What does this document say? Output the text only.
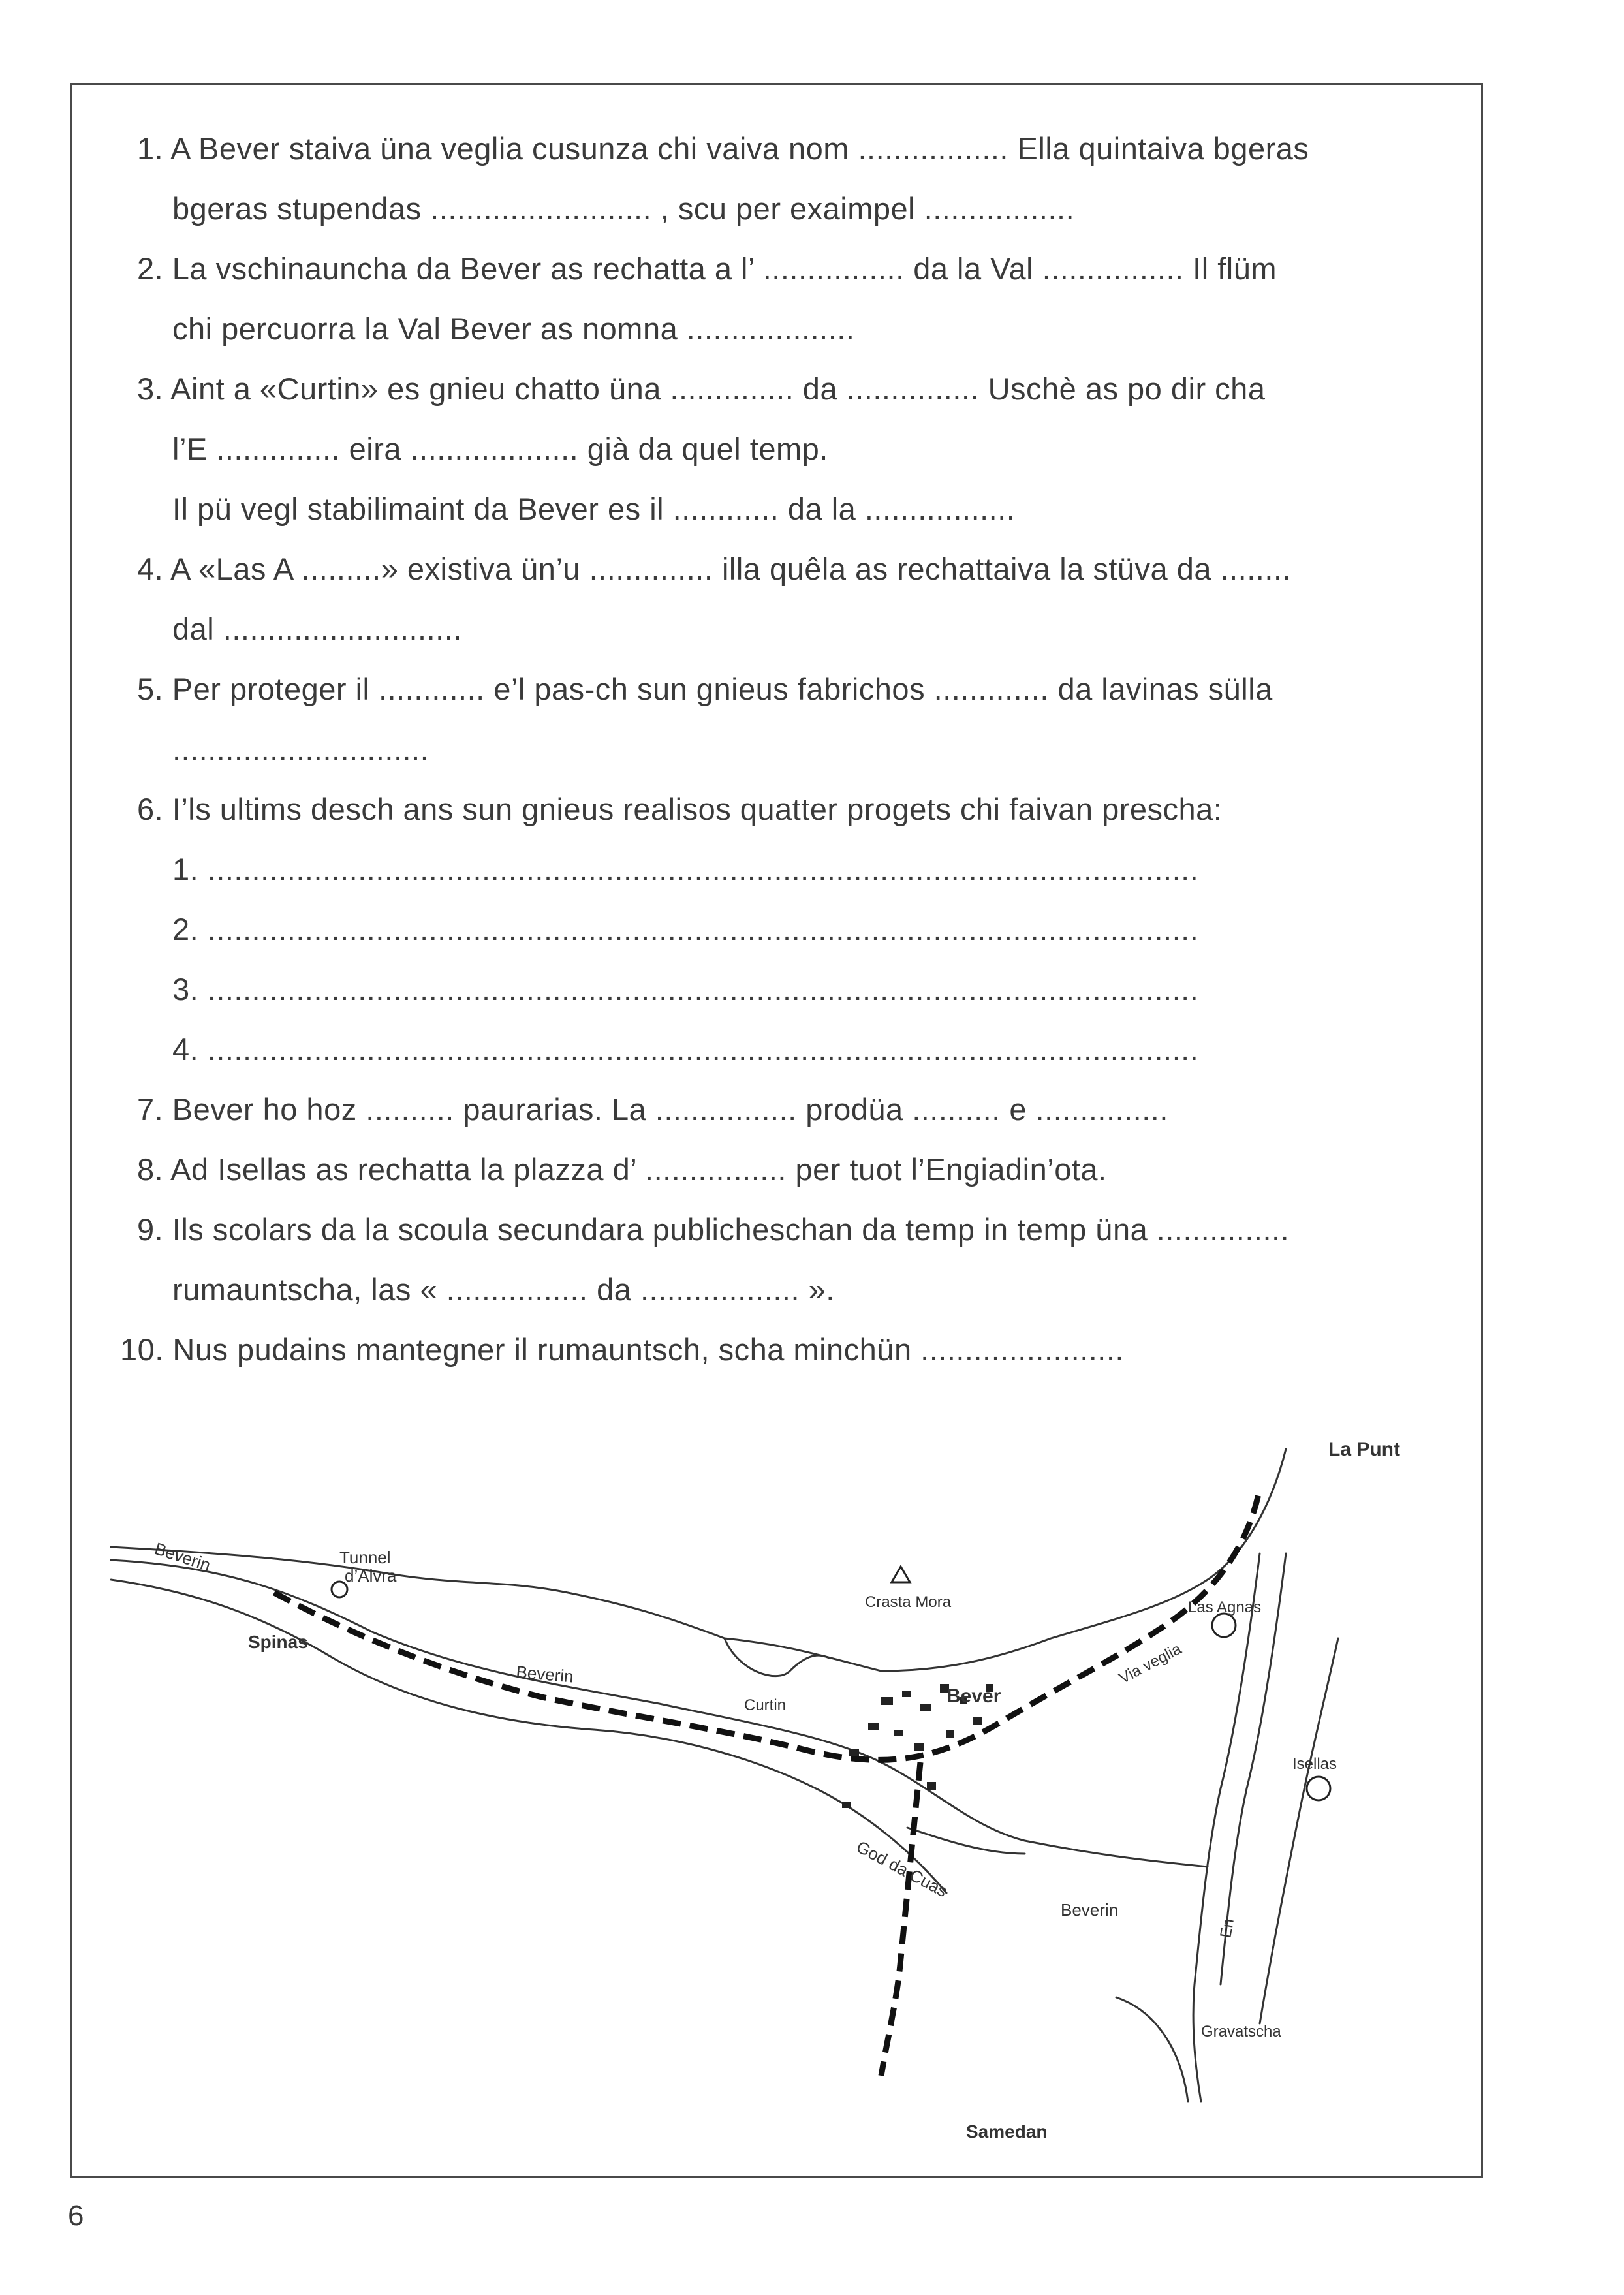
1. A Bever staiva üna veglia cusunza chi vaiva nom ................. Ella quintaiva bgeras
bgeras stupendas ......................... , scu per exaimpel .................
2. La vschinauncha da Bever as rechatta a l’ ................ da la Val ................ Il flüm
chi percuorra la Val Bever as nomna ...................
3. Aint a «Curtin» es gnieu chatto üna .............. da ............... Uschè as po dir cha
l’E .............. eira ................... già da quel temp.
Il pü vegl stabilimaint da Bever es il ............ da la .................
4. A «Las A .........» existiva ün’u .............. illa quêla as rechattaiva la stüva da ........
dal ...........................
5. Per proteger il ............ e’l pas-ch sun gnieus fabrichos ............. da lavinas sülla
.............................
6. I’ls ultims desch ans sun gnieus realisos quatter progets chi faivan prescha:
1. ................................................................................................................
2. ................................................................................................................
3. ................................................................................................................
4. ................................................................................................................
7. Bever ho hoz .......... paurarias. La ................ prodüa .......... e ...............
8. Ad Isellas as rechatta la plazza d’ ................ per tuot l’Engiadin’ota.
9. Ils scolars da la scoula secundara publicheschan da temp in temp üna ...............
rumauntscha, las « ................ da .................. ».
10. Nus pudains mantegner il rumauntsch, scha minchün .......................
La Punt
Beverin	Tunnel
d’Alvra
Crasta Mora	Las Agnas
Spinas
Beverin	Via veglia
Bever
Curtin
Isellas
God da Cuas
Beverin
En
Gravatscha
Samedan
6
